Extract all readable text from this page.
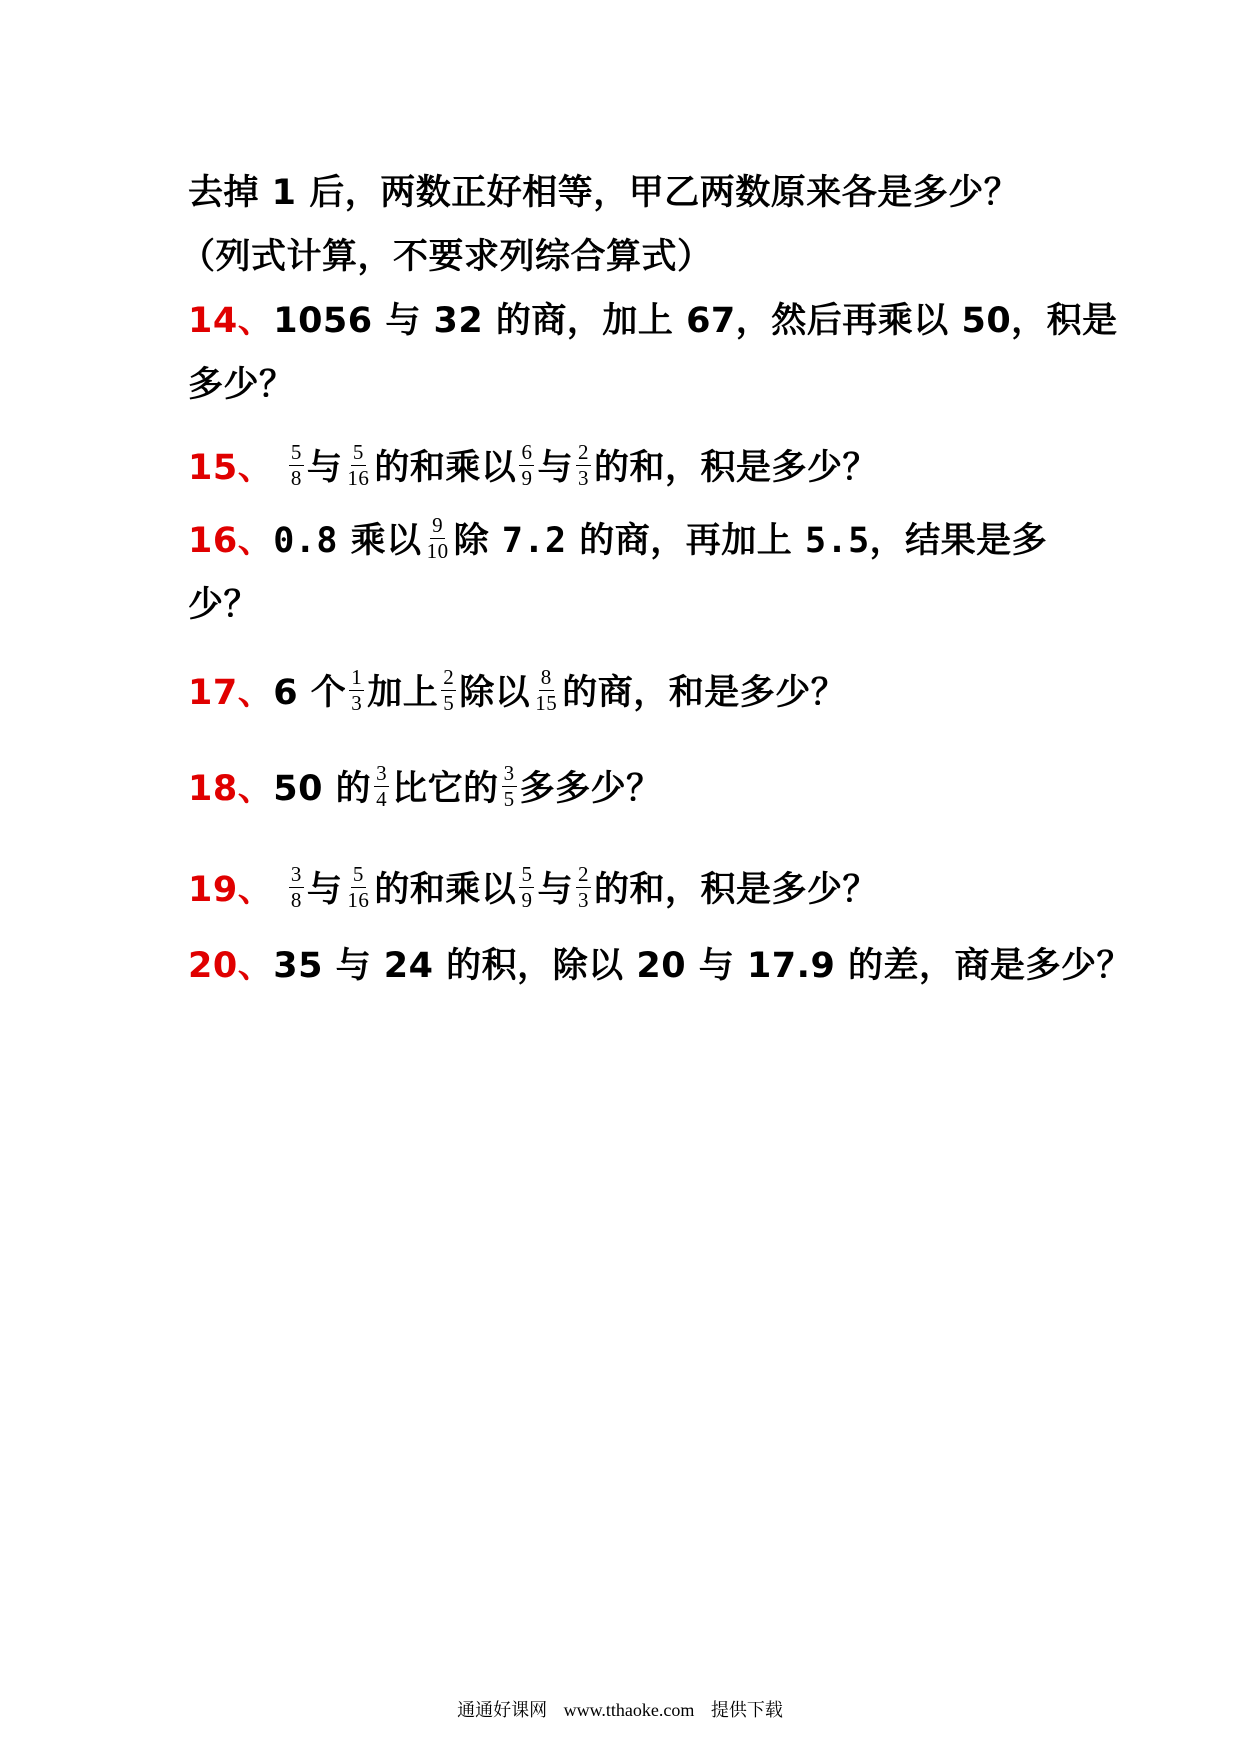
去掉 1 后，两数正好相等，甲乙两数原来各是多少？
（列式计算，不要求列综合算式）
14、1056 与 32 的商，加上 67，然后再乘以 50，积是
多少？
15、 $\frac{5}{8}$ 与 $\frac{5}{16}$ 的和乘以 $\frac{6}{9}$ 与 $\frac{2}{3}$ 的和，积是多少？
16、0.8 乘以 $\frac{9}{10}$ 除 7.2 的商，再加上 5.5，结果是多
少？
17、6 个 $\frac{1}{3}$ 加上 $\frac{2}{5}$ 除以 $\frac{8}{15}$ 的商，和是多少？
18、50 的 $\frac{3}{4}$ 比它的 $\frac{3}{5}$ 多多少？
19、 $\frac{3}{8}$ 与 $\frac{5}{16}$ 的和乘以 $\frac{5}{9}$ 与 $\frac{2}{3}$ 的和，积是多少？
20、35 与 24 的积，除以 20 与 17.9 的差，商是多少？
通通好课网 www.tthaoke.com 提供下载
